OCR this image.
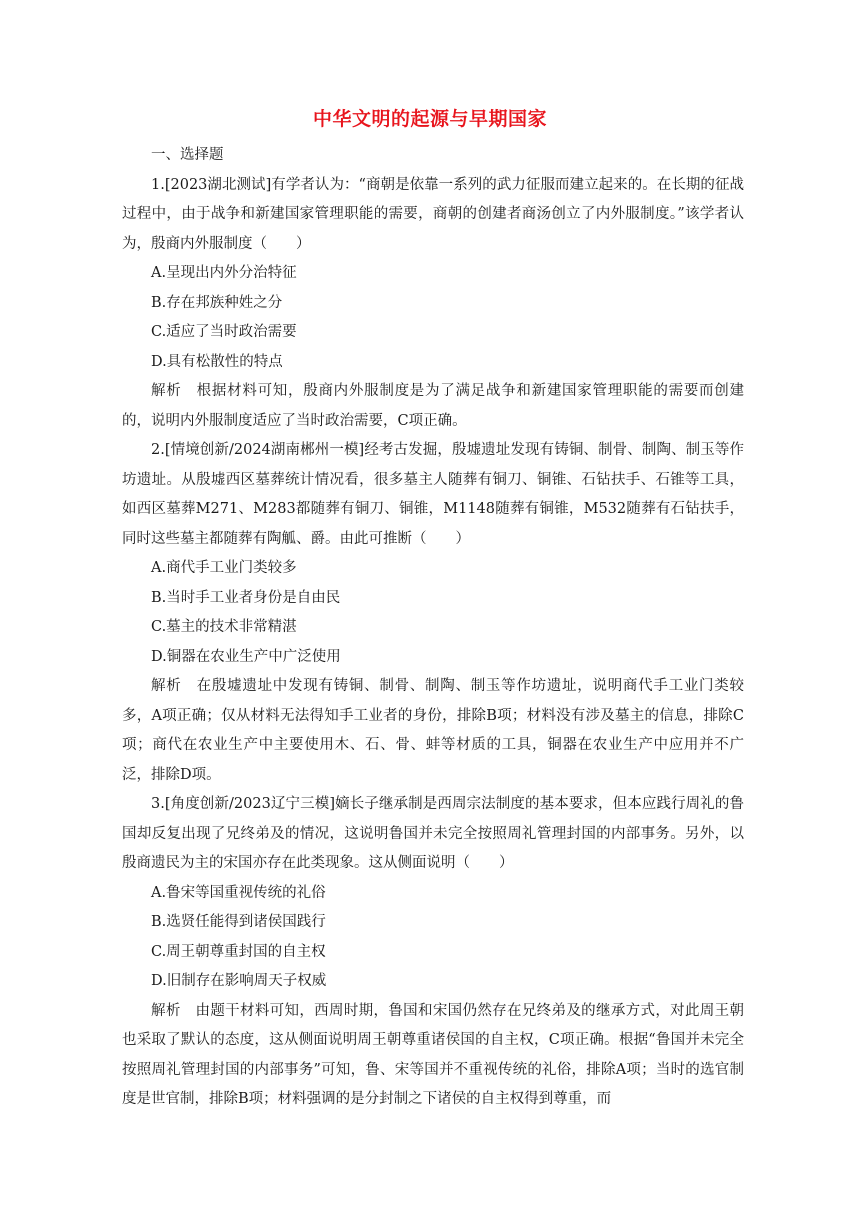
中华文明的起源与早期国家

一、选择题

1.[2023湖北测试]有学者认为：“商朝是依靠一系列的武力征服而建立起来的。在长期的征战过程中，由于战争和新建国家管理职能的需要，商朝的创建者商汤创立了内外服制度。”该学者认为，殷商内外服制度（　　）

A.呈现出内外分治特征

B.存在邦族种姓之分

C.适应了当时政治需要

D.具有松散性的特点

解析　根据材料可知，殷商内外服制度是为了满足战争和新建国家管理职能的需要而创建的，说明内外服制度适应了当时政治需要，C项正确。

2.[情境创新/2024湖南郴州一模]经考古发掘，殷墟遗址发现有铸铜、制骨、制陶、制玉等作坊遗址。从殷墟西区墓葬统计情况看，很多墓主人随葬有铜刀、铜锥、石钻扶手、石锥等工具，如西区墓葬M271、M283都随葬有铜刀、铜锥，M1148随葬有铜锥，M532随葬有石钻扶手，同时这些墓主都随葬有陶觚、爵。由此可推断（　　）

A.商代手工业门类较多

B.当时手工业者身份是自由民

C.墓主的技术非常精湛

D.铜器在农业生产中广泛使用

解析　在殷墟遗址中发现有铸铜、制骨、制陶、制玉等作坊遗址，说明商代手工业门类较多，A项正确；仅从材料无法得知手工业者的身份，排除B项；材料没有涉及墓主的信息，排除C项；商代在农业生产中主要使用木、石、骨、蚌等材质的工具，铜器在农业生产中应用并不广泛，排除D项。

3.[角度创新/2023辽宁三模]嫡长子继承制是西周宗法制度的基本要求，但本应践行周礼的鲁国却反复出现了兄终弟及的情况，这说明鲁国并未完全按照周礼管理封国的内部事务。另外，以殷商遗民为主的宋国亦存在此类现象。这从侧面说明（　　）

A.鲁宋等国重视传统的礼俗

B.选贤任能得到诸侯国践行

C.周王朝尊重封国的自主权

D.旧制存在影响周天子权威

解析　由题干材料可知，西周时期，鲁国和宋国仍然存在兄终弟及的继承方式，对此周王朝也采取了默认的态度，这从侧面说明周王朝尊重诸侯国的自主权，C项正确。根据“鲁国并未完全按照周礼管理封国的内部事务”可知，鲁、宋等国并不重视传统的礼俗，排除A项；当时的选官制度是世官制，排除B项；材料强调的是分封制之下诸侯的自主权得到尊重，而
